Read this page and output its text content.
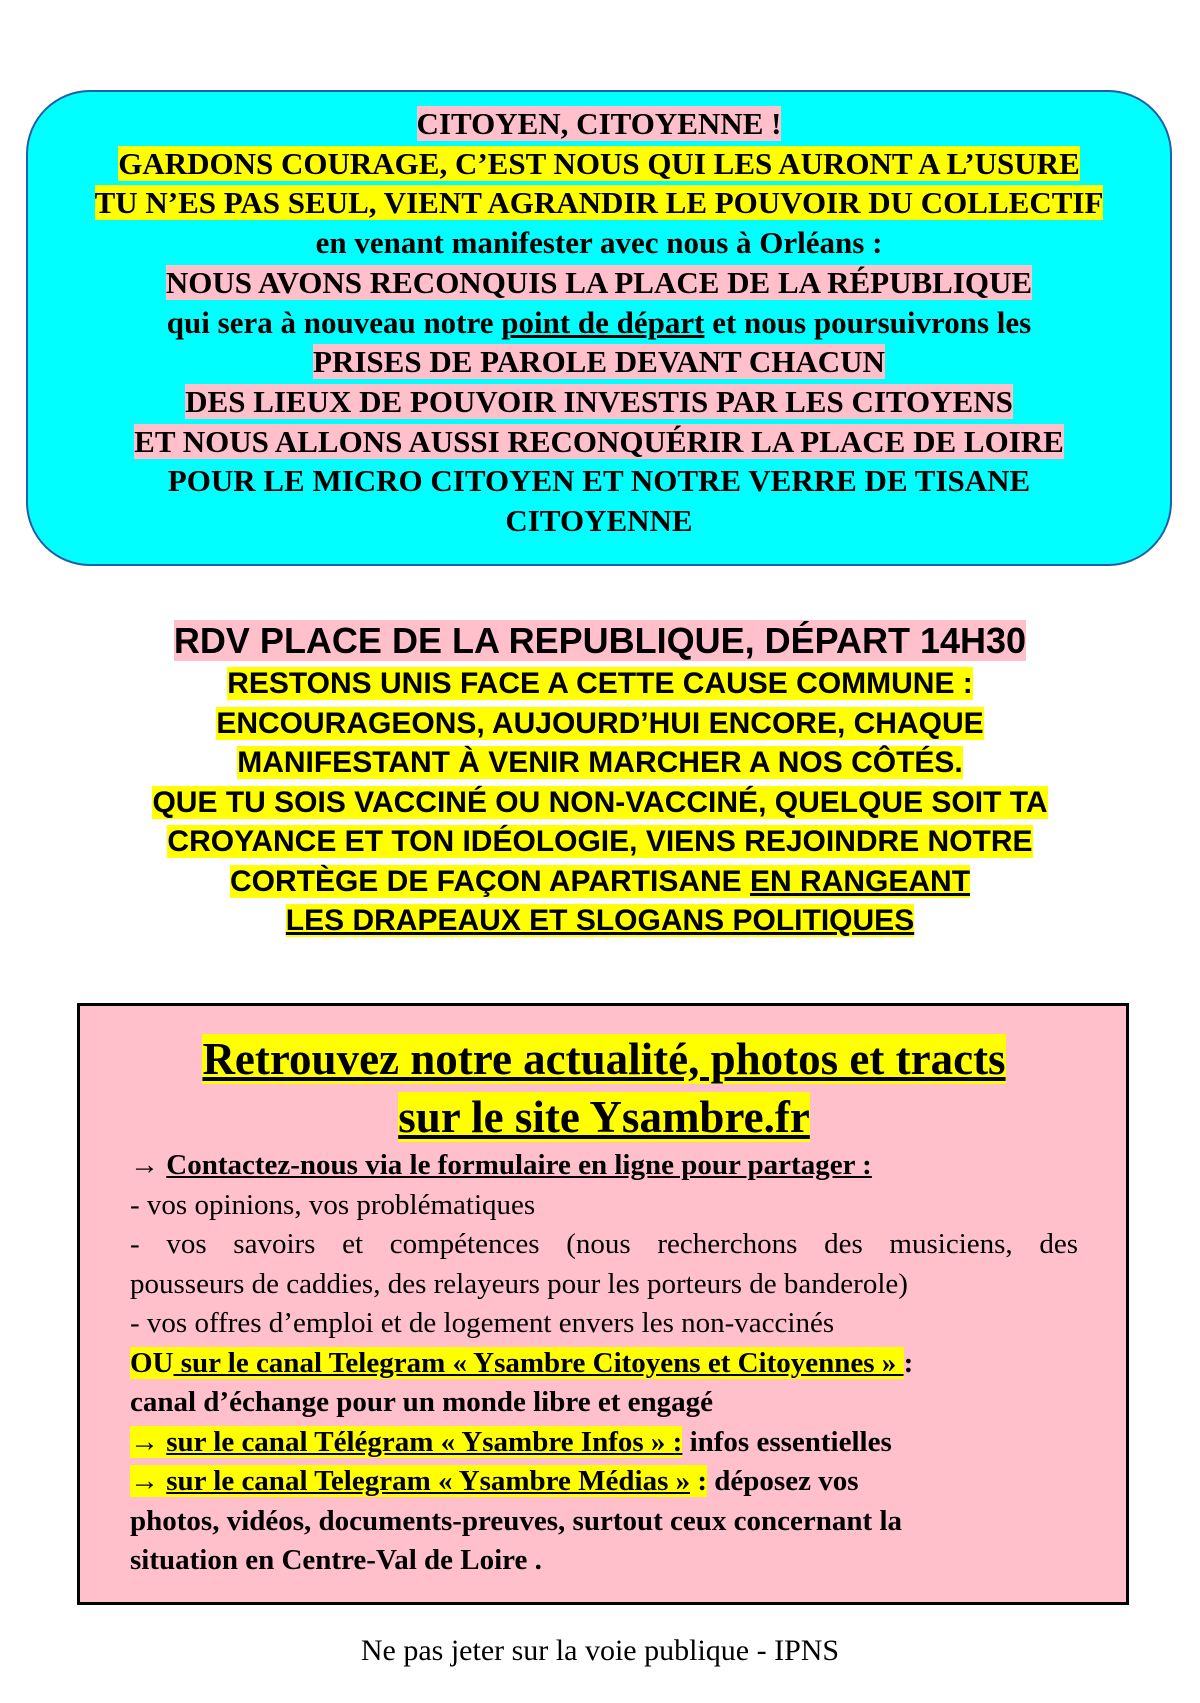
CITOYEN, CITOYENNE !
GARDONS COURAGE, C’EST NOUS QUI LES AURONT A L’USURE
TU N’ES PAS SEUL, VIENT AGRANDIR LE POUVOIR DU COLLECTIF
en venant manifester avec nous à Orléans :
NOUS AVONS RECONQUIS LA PLACE DE LA RÉPUBLIQUE
qui sera à nouveau notre point de départ et nous poursuivrons les
PRISES DE PAROLE DEVANT CHACUN
DES LIEUX DE POUVOIR INVESTIS PAR LES CITOYENS
ET NOUS ALLONS AUSSI RECONQUÉRIR LA PLACE DE LOIRE
POUR LE MICRO CITOYEN ET NOTRE VERRE DE TISANE
CITOYENNE
RDV PLACE DE LA REPUBLIQUE, DÉPART 14H30
RESTONS UNIS FACE A CETTE CAUSE COMMUNE :
ENCOURAGEONS, AUJOURD’HUI ENCORE, CHAQUE
MANIFESTANT À VENIR MARCHER A NOS CÔTÉS.
QUE TU SOIS VACCINÉ OU NON-VACCINÉ, QUELQUE SOIT TA
CROYANCE ET TON IDÉOLOGIE, VIENS REJOINDRE NOTRE
CORTÈGE DE FAÇON APARTISANE EN RANGEANT
LES DRAPEAUX ET SLOGANS POLITIQUES
Retrouvez notre actualité, photos et tracts
sur le site Ysambre.fr
→ Contactez-nous via le formulaire en ligne pour partager :
- vos opinions, vos problématiques
- vos savoirs et compétences (nous recherchons des musiciens, des
pousseurs de caddies, des relayeurs pour les porteurs de banderole)
- vos offres d’emploi et de logement envers les non-vaccinés
OU sur le canal Telegram « Ysambre Citoyens et Citoyennes » :
canal d’échange pour un monde libre et engagé
→ sur le canal Télégram « Ysambre Infos » : infos essentielles
→ sur le canal Telegram « Ysambre Médias » : déposez vos
photos, vidéos, documents-preuves, surtout ceux concernant la
situation en Centre-Val de Loire .
Ne pas jeter sur la voie publique - IPNS
